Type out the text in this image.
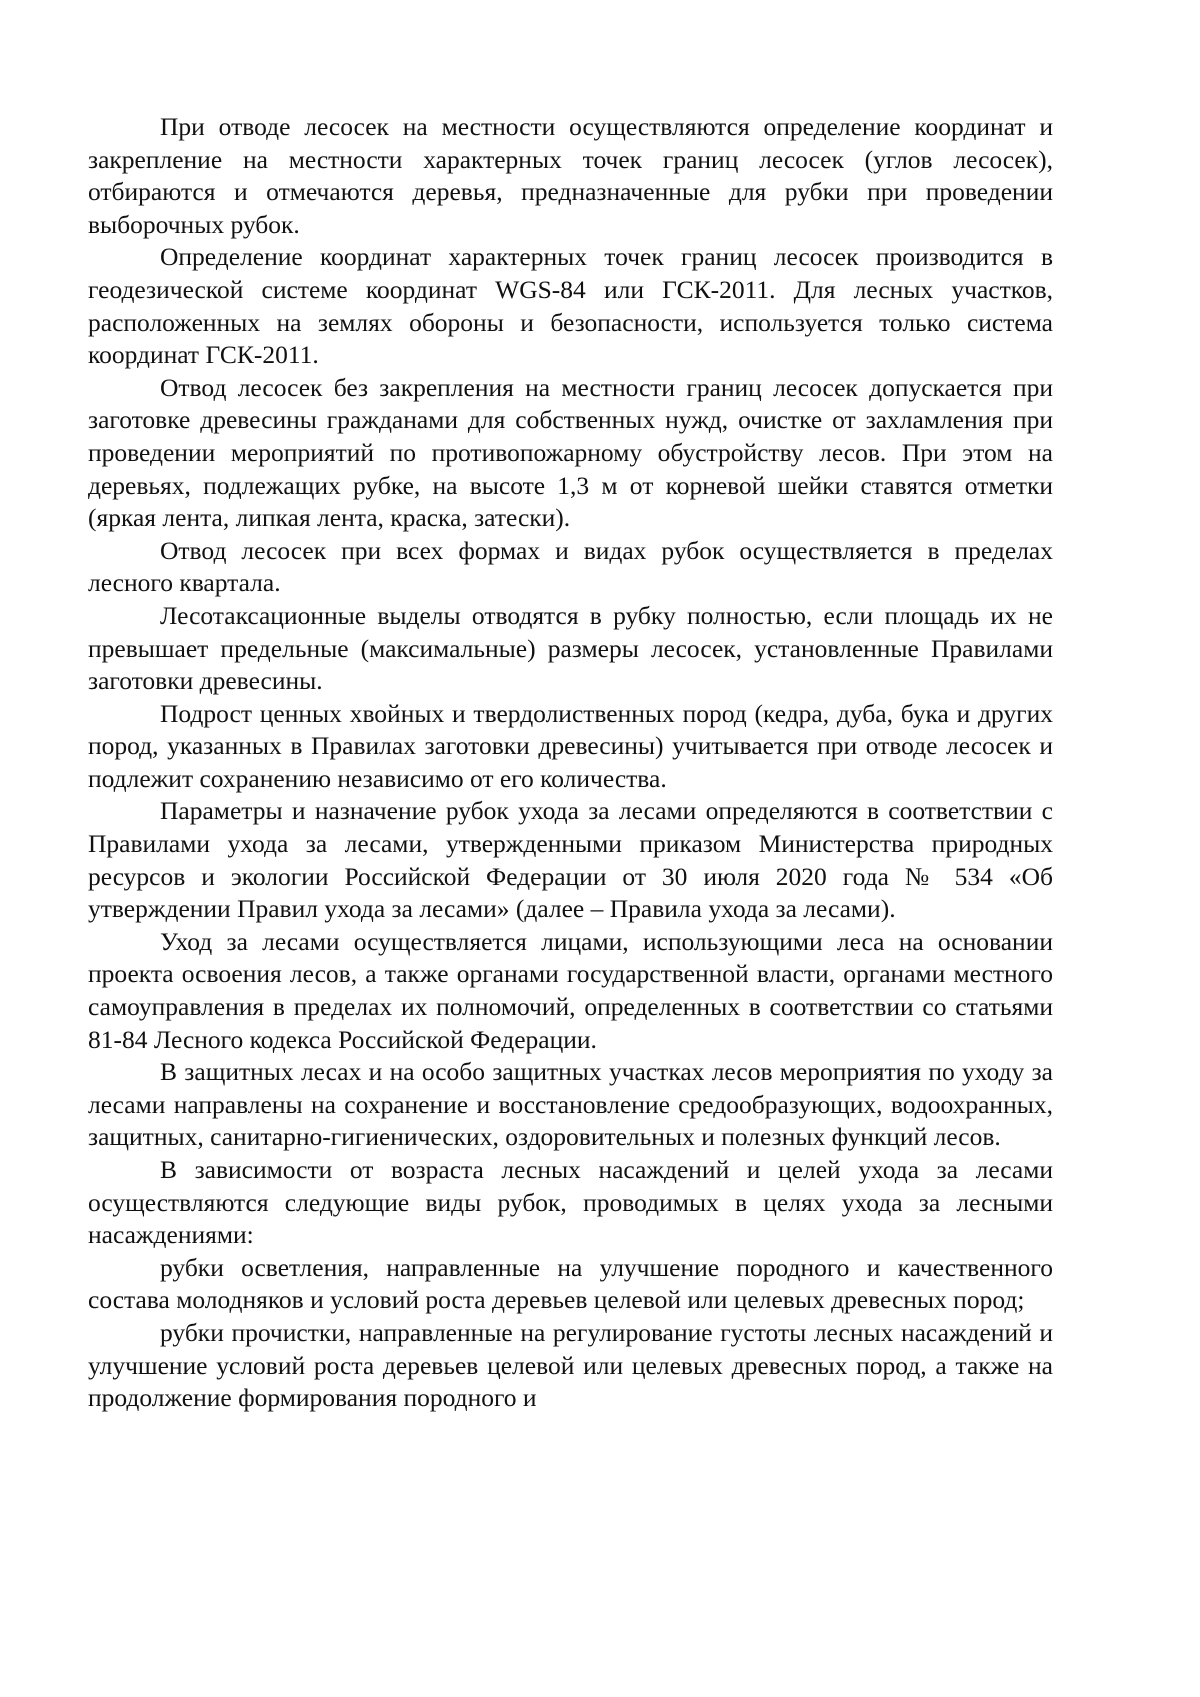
При отводе лесосек на местности осуществляются определение координат и закрепление на местности характерных точек границ лесосек (углов лесосек), отбираются и отмечаются деревья, предназначенные для рубки при проведении выборочных рубок.

Определение координат характерных точек границ лесосек производится в геодезической системе координат WGS-84 или ГСК-2011. Для лесных участков, расположенных на землях обороны и безопасности, используется только система координат ГСК-2011.

Отвод лесосек без закрепления на местности границ лесосек допускается при заготовке древесины гражданами для собственных нужд, очистке от захламления при проведении мероприятий по противопожарному обустройству лесов. При этом на деревьях, подлежащих рубке, на высоте 1,3 м от корневой шейки ставятся отметки (яркая лента, липкая лента, краска, затески).

Отвод лесосек при всех формах и видах рубок осуществляется в пределах лесного квартала.

Лесотаксационные выделы отводятся в рубку полностью, если площадь их не превышает предельные (максимальные) размеры лесосек, установленные Правилами заготовки древесины.

Подрост ценных хвойных и твердолиственных пород (кедра, дуба, бука и других пород, указанных в Правилах заготовки древесины) учитывается при отводе лесосек и подлежит сохранению независимо от его количества.

Параметры и назначение рубок ухода за лесами определяются в соответствии с Правилами ухода за лесами, утвержденными приказом Министерства природных ресурсов и экологии Российской Федерации от 30 июля 2020 года № 534 «Об утверждении Правил ухода за лесами» (далее – Правила ухода за лесами).

Уход за лесами осуществляется лицами, использующими леса на основании проекта освоения лесов, а также органами государственной власти, органами местного самоуправления в пределах их полномочий, определенных в соответствии со статьями 81-84 Лесного кодекса Российской Федерации.

В защитных лесах и на особо защитных участках лесов мероприятия по уходу за лесами направлены на сохранение и восстановление средообразующих, водоохранных, защитных, санитарно-гигиенических, оздоровительных и полезных функций лесов.

В зависимости от возраста лесных насаждений и целей ухода за лесами осуществляются следующие виды рубок, проводимых в целях ухода за лесными насаждениями:

рубки осветления, направленные на улучшение породного и качественного состава молодняков и условий роста деревьев целевой или целевых древесных пород;

рубки прочистки, направленные на регулирование густоты лесных насаждений и улучшение условий роста деревьев целевой или целевых древесных пород, а также на продолжение формирования породного и
